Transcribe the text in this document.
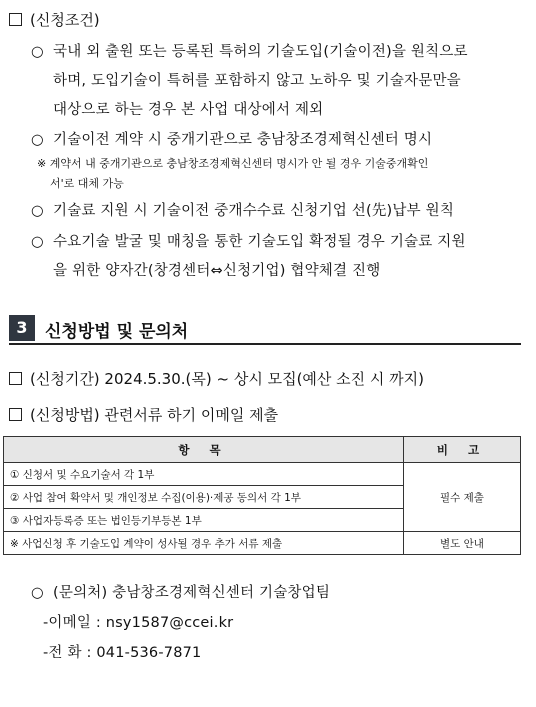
(신청조건)
○ 국내 외 출원 또는 등록된 특허의 기술도입(기술이전)을 원칙으로
하며, 도입기술이 특허를 포함하지 않고 노하우 및 기술자문만을
대상으로 하는 경우 본 사업 대상에서 제외
○ 기술이전 계약 시 중개기관으로 충남창조경제혁신센터 명시
※ 계약서 내 중개기관으로 충남창조경제혁신센터 명시가 안 될 경우 기술중개확인
서'로 대체 가능
○ 기술료 지원 시 기술이전 중개수수료 신청기업 선(先)납부 원칙
○ 수요기술 발굴 및 매칭을 통한 기술도입 확정될 경우 기술료 지원
을 위한 양자간(창경센터⇔신청기업) 협약체결 진행
3	신청방법 및 문의처
(신청기간) 2024.5.30.(목) ~ 상시 모집(예산 소진 시 까지)
(신청방법) 관련서류 하기 이메일 제출
항 목	비 고
① 신청서 및 수요기술서 각 1부	필수 제출
② 사업 참여 확약서 및 개인정보 수집(이용)·제공 동의서 각 1부	
③ 사업자등록증 또는 법인등기부등본 1부	
※ 사업신청 후 기술도입 계약이 성사될 경우 추가 서류 제출	별도 안내
○ (문의처) 충남창조경제혁신센터 기술창업팀
-이메일 : nsy1587@ccei.kr
-전 화 : 041-536-7871
